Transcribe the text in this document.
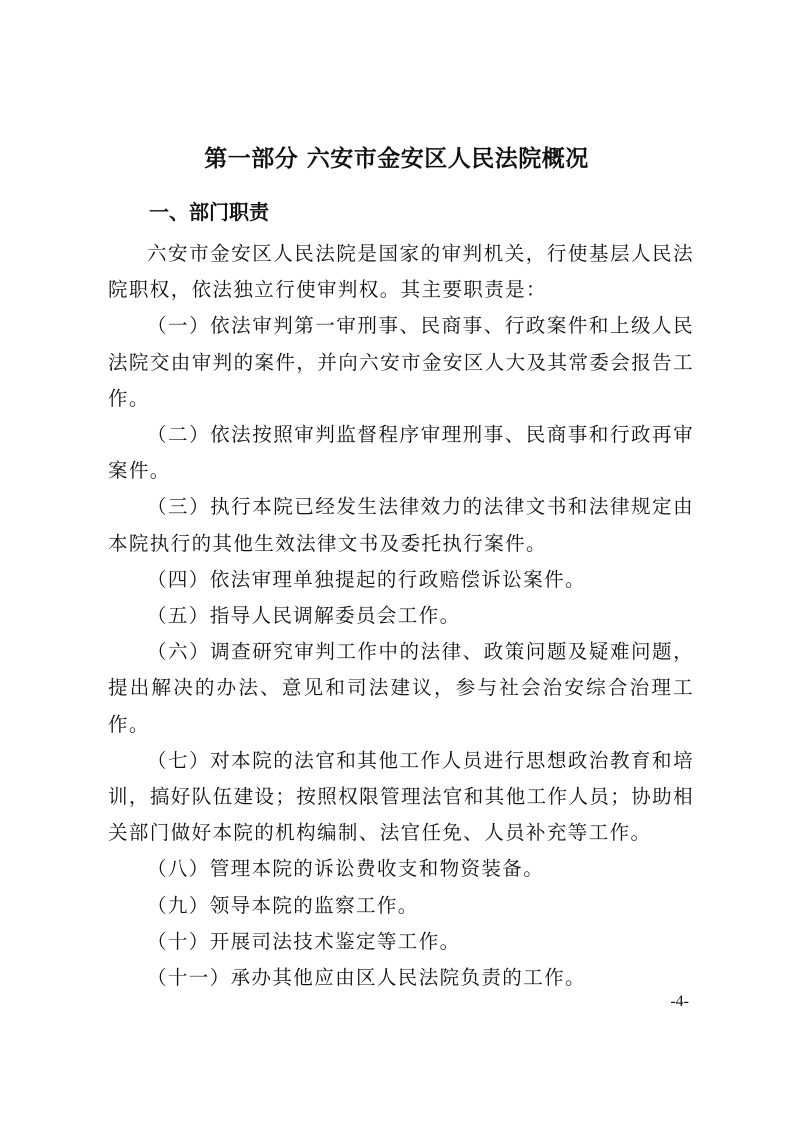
第一部分 六安市金安区人民法院概况
一、部门职责

六安市金安区人民法院是国家的审判机关，行使基层人民法院职权，依法独立行使审判权。其主要职责是：

（一）依法审判第一审刑事、民商事、行政案件和上级人民法院交由审判的案件，并向六安市金安区人大及其常委会报告工作。

（二）依法按照审判监督程序审理刑事、民商事和行政再审案件。

（三）执行本院已经发生法律效力的法律文书和法律规定由本院执行的其他生效法律文书及委托执行案件。

（四）依法审理单独提起的行政赔偿诉讼案件。

（五）指导人民调解委员会工作。

（六）调查研究审判工作中的法律、政策问题及疑难问题，提出解决的办法、意见和司法建议，参与社会治安综合治理工作。

（七）对本院的法官和其他工作人员进行思想政治教育和培训，搞好队伍建设；按照权限管理法官和其他工作人员；协助相关部门做好本院的机构编制、法官任免、人员补充等工作。

（八）管理本院的诉讼费收支和物资装备。

（九）领导本院的监察工作。

（十）开展司法技术鉴定等工作。

（十一）承办其他应由区人民法院负责的工作。

-4-
